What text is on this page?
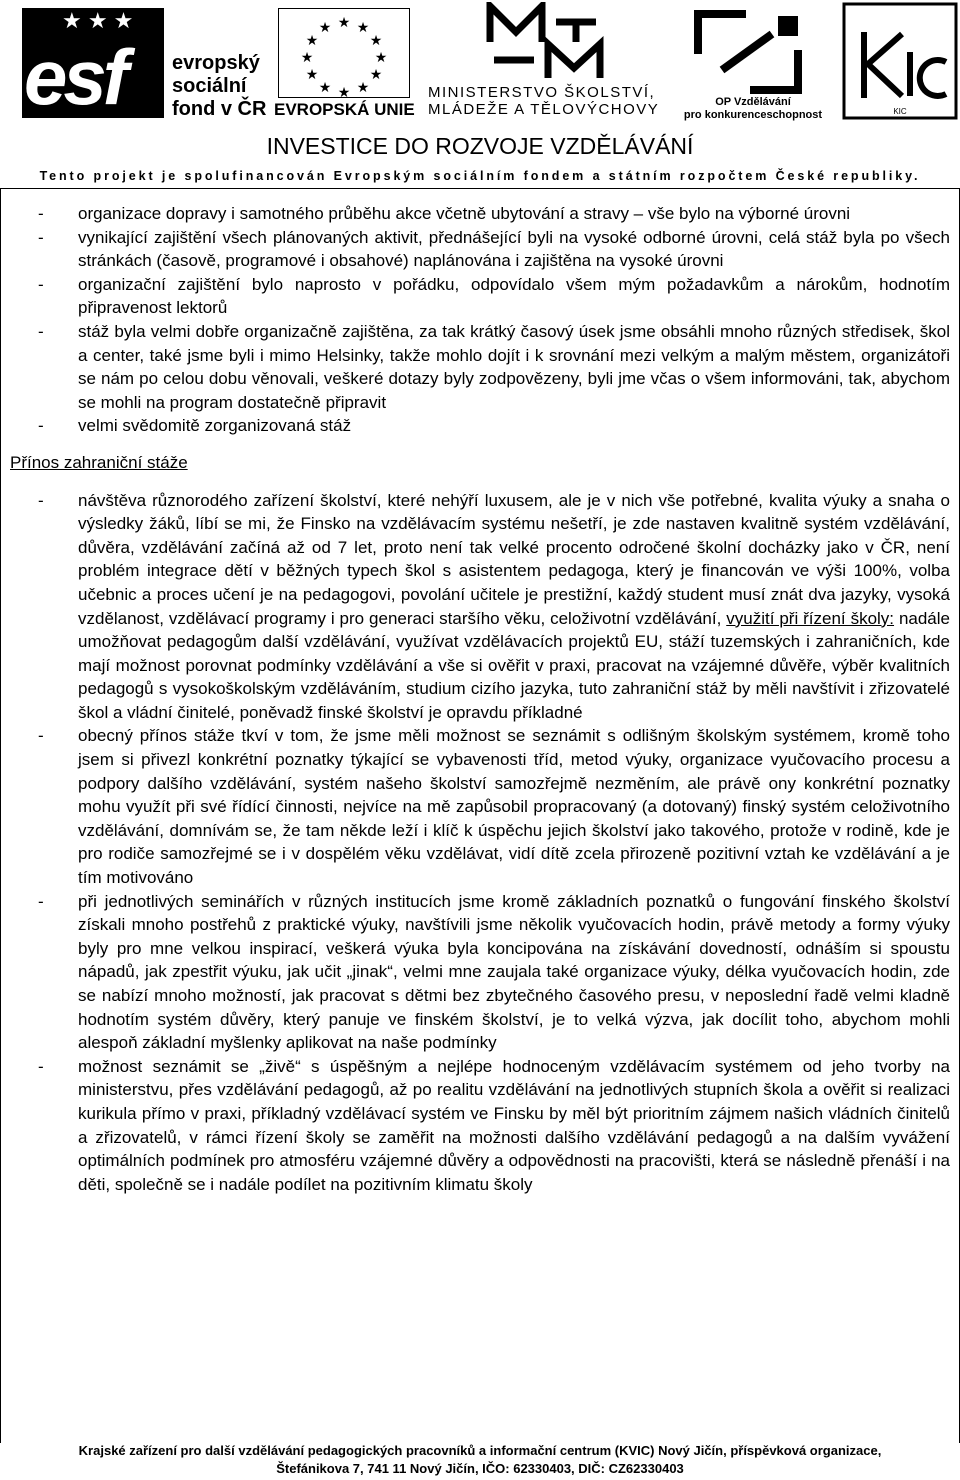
★ ★ ★
esf evropský
sociální
fond v ČR
★ ★
★
★
★
★
★
★
★
★
★
★
EVROPSKÁ UNIE
MINISTERSTVO ŠKOLSTVÍ,
MLÁDEŽE A TĚLOVÝCHOVY
2007-13
OP Vzdělávání
pro konkurenceschopnost	KIC
INVESTICE DO ROZVOJE VZDĚLÁVÁNÍ
Tento projekt je spolufinancován Evropským sociálním fondem a státním rozpočtem České republiky.
- organizace dopravy i samotného průběhu akce včetně ubytování a stravy – vše bylo na výborné úrovni
- vynikající zajištění všech plánovaných aktivit, přednášející byli na vysoké odborné úrovni, celá stáž byla po všech stránkách (časově, programové i obsahové) naplánována i zajištěna na vysoké úrovni
- organizační zajištění bylo naprosto v pořádku, odpovídalo všem mým požadavkům a nárokům, hodnotím připravenost lektorů
- stáž byla velmi dobře organizačně zajištěna, za tak krátký časový úsek jsme obsáhli mnoho různých středisek, škol a center, také jsme byli i mimo Helsinky, takže mohlo dojít i k srovnání mezi velkým a malým městem, organizátoři se nám po celou dobu věnovali, veškeré dotazy byly zodpovězeny, byli jme včas o všem informováni, tak, abychom se mohli na program dostatečně připravit
- velmi svědomitě zorganizovaná stáž
Přínos zahraniční stáže
- návštěva různorodého zařízení školství, které nehýří luxusem, ale je v nich vše potřebné, kvalita výuky a snaha o výsledky žáků, líbí se mi, že Finsko na vzdělávacím systému nešetří, je zde nastaven kvalitně systém vzdělávání, důvěra, vzdělávání začíná až od 7 let, proto není tak velké procento odročené školní docházky jako v ČR, není problém integrace dětí v běžných typech škol s asistentem pedagoga, který je financován ve výši 100%, volba učebnic a proces učení je na pedagogovi, povolání učitele je prestižní, každý student musí znát dva jazyky, vysoká vzdělanost, vzdělávací programy i pro generaci staršího věku, celoživotní vzdělávání, využití při řízení školy: nadále umožňovat pedagogům další vzdělávání, využívat vzdělávacích projektů EU, stáží tuzemských i zahraničních, kde mají možnost porovnat podmínky vzdělávání a vše si ověřit v praxi, pracovat na vzájemné důvěře, výběr kvalitních pedagogů s vysokoškolským vzděláváním, studium cizího jazyka, tuto zahraniční stáž by měli navštívit i zřizovatelé škol a vládní činitelé, poněvadž finské školství je opravdu příkladné
- obecný přínos stáže tkví v tom, že jsme měli možnost se seznámit s odlišným školským systémem, kromě toho jsem si přivezl konkrétní poznatky týkající se vybavenosti tříd, metod výuky, organizace vyučovacího procesu a podpory dalšího vzdělávání, systém našeho školství samozřejmě nezměním, ale právě ony konkrétní poznatky mohu využít při své řídící činnosti, nejvíce na mě zapůsobil propracovaný (a dotovaný) finský systém celoživotního vzdělávání, domnívám se, že tam někde leží i klíč k úspěchu jejich školství jako takového, protože v rodině, kde je pro rodiče samozřejmé se i v dospělém věku vzdělávat, vidí dítě zcela přirozeně pozitivní vztah ke vzdělávání a je tím motivováno
- při jednotlivých seminářích v různých institucích jsme kromě základních poznatků o fungování finského školství získali mnoho postřehů z praktické výuky, navštívili jsme několik vyučovacích hodin, právě metody a formy výuky byly pro mne velkou inspirací, veškerá výuka byla koncipována na získávání dovedností, odnáším si spoustu nápadů, jak zpestřit výuku, jak učit „jinak“, velmi mne zaujala také organizace výuky, délka vyučovacích hodin, zde se nabízí mnoho možností, jak pracovat s dětmi bez zbytečného časového presu, v neposlední řadě velmi kladně hodnotím systém důvěry, který panuje ve finském školství, je to velká výzva, jak docílit toho, abychom mohli alespoň základní myšlenky aplikovat na naše podmínky
- možnost seznámit se „živě“ s úspěšným a nejlépe hodnoceným vzdělávacím systémem od jeho tvorby na ministerstvu, přes vzdělávání pedagogů, až po realitu vzdělávání na jednotlivých stupních škola a ověřit si realizaci kurikula přímo v praxi, příkladný vzdělávací systém ve Finsku by měl být prioritním zájmem našich vládních činitelů a zřizovatelů, v rámci řízení školy se zaměřit na možnosti dalšího vzdělávání pedagogů a na dalším vyvážení optimálních podmínek pro atmosféru vzájemné důvěry a odpovědnosti na pracovišti, která se následně přenáší i na děti, společně se i nadále podílet na pozitivním klimatu školy
Krajské zařízení pro další vzdělávání pedagogických pracovníků a informační centrum (KVIC) Nový Jičín, příspěvková organizace,
Štefánikova 7, 741 11 Nový Jičín, IČO: 62330403, DIČ: CZ62330403
